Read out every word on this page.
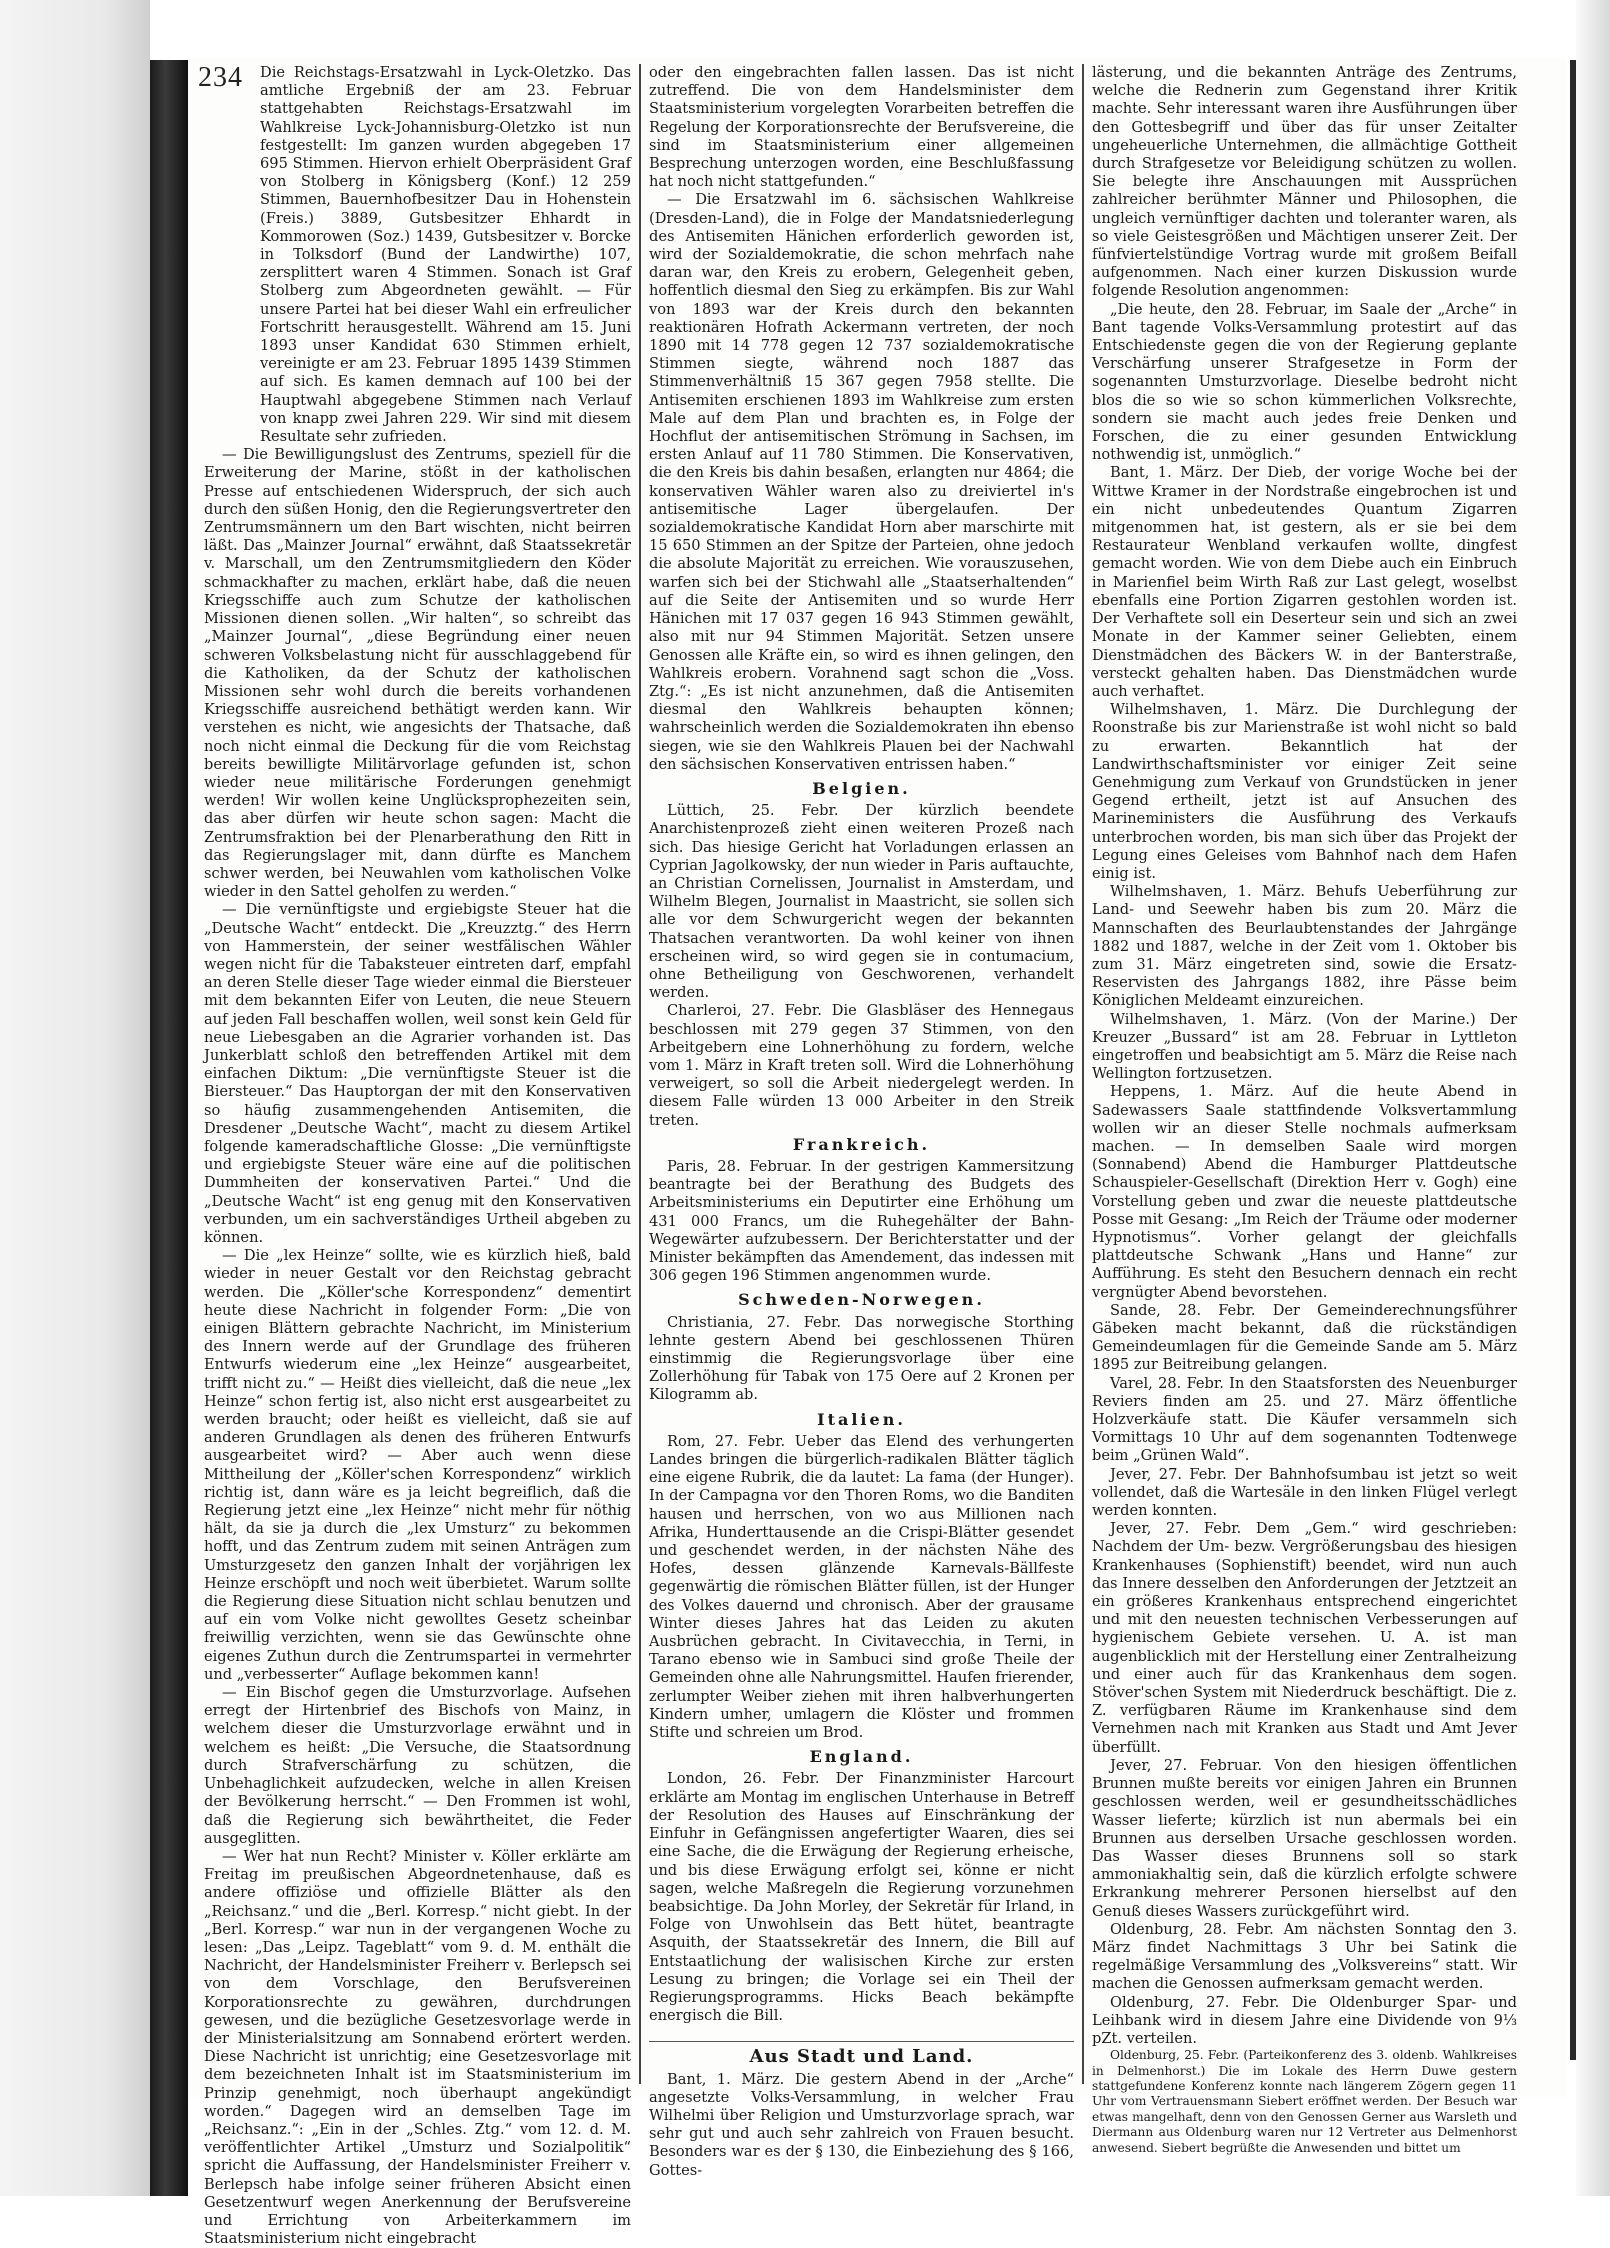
Die Reichstags-Ersatzwahl in Lyck-Oletzko. Das amtliche Ergebniß der am 23. Februar stattgehabten Reichstags-Ersatzwahl im Wahlkreise Lyck-Johannisburg-Oletzko ist nun festgestellt: Im ganzen wurden abgegeben 17 695 Stimmen. Hiervon erhielt Oberpräsident Graf von Stolberg in Königsberg (Konf.) 12 259 Stimmen, Bauernhofbesitzer Dau in Hohenstein (Freis.) 3889, Gutsbesitzer Ehhardt in Kommorowen (Soz.) 1439, Gutsbesitzer v. Borcke in Tolksdorf (Bund der Landwirthe) 107, zersplittert waren 4 Stimmen. Sonach ist Graf Stolberg zum Abgeordneten gewählt. — Für unsere Partei hat bei dieser Wahl ein erfreulicher Fortschritt herausgestellt. Während am 15. Juni 1893 unser Kandidat 630 Stimmen erhielt, vereinigte er am 23. Februar 1895 1439 Stimmen auf sich. Es kamen demnach auf 100 bei der Hauptwahl abgegebene Stimmen nach Verlauf von knapp zwei Jahren 229. Wir sind mit diesem Resultate sehr zufrieden.

— Die Bewilligungslust des Zentrums, speziell für die Erweiterung der Marine, stößt in der katholischen Presse auf entschiedenen Widerspruch, der sich auch durch den süßen Honig, den die Regierungsvertreter den Zentrumsmännern um den Bart wischten, nicht beirren läßt. Das „Mainzer Journal“ erwähnt, daß Staatssekretär v. Marschall, um den Zentrumsmitgliedern den Köder schmackhafter zu machen, erklärt habe, daß die neuen Kriegsschiffe auch zum Schutze der katholischen Missionen dienen sollen. „Wir halten“, so schreibt das „Mainzer Journal“, „diese Begründung einer neuen schweren Volksbelastung nicht für ausschlaggebend für die Katholiken, da der Schutz der katholischen Missionen sehr wohl durch die bereits vorhandenen Kriegsschiffe ausreichend bethätigt werden kann. Wir verstehen es nicht, wie angesichts der Thatsache, daß noch nicht einmal die Deckung für die vom Reichstag bereits bewilligte Militärvorlage gefunden ist, schon wieder neue militärische Forderungen genehmigt werden! Wir wollen keine Unglücksprophezeiten sein, das aber dürfen wir heute schon sagen: Macht die Zentrumsfraktion bei der Plenarberathung den Ritt in das Regierungslager mit, dann dürfte es Manchem schwer werden, bei Neuwahlen vom katholischen Volke wieder in den Sattel geholfen zu werden.“

— Die vernünftigste und ergiebigste Steuer hat die „Deutsche Wacht“ entdeckt. Die „Kreuzztg.“ des Herrn von Hammerstein, der seiner westfälischen Wähler wegen nicht für die Tabaksteuer eintreten darf, empfahl an deren Stelle dieser Tage wieder einmal die Biersteuer mit dem bekannten Eifer von Leuten, die neue Steuern auf jeden Fall beschaffen wollen, weil sonst kein Geld für neue Liebesgaben an die Agrarier vorhanden ist. Das Junkerblatt schloß den betreffenden Artikel mit dem einfachen Diktum: „Die vernünftigste Steuer ist die Biersteuer.“ Das Hauptorgan der mit den Konservativen so häufig zusammengehenden Antisemiten, die Dresdener „Deutsche Wacht“, macht zu diesem Artikel folgende kameradschaftliche Glosse: „Die vernünftigste und ergiebigste Steuer wäre eine auf die politischen Dummheiten der konservativen Partei.“ Und die „Deutsche Wacht“ ist eng genug mit den Konservativen verbunden, um ein sachverständiges Urtheil abgeben zu können.

— Die „lex Heinze“ sollte, wie es kürzlich hieß, bald wieder in neuer Gestalt vor den Reichstag gebracht werden. Die „Köller'sche Korrespondenz“ dementirt heute diese Nachricht in folgender Form: „Die von einigen Blättern gebrachte Nachricht, im Ministerium des Innern werde auf der Grundlage des früheren Entwurfs wiederum eine „lex Heinze“ ausgearbeitet, trifft nicht zu.“ — Heißt dies vielleicht, daß die neue „lex Heinze“ schon fertig ist, also nicht erst ausgearbeitet zu werden braucht; oder heißt es vielleicht, daß sie auf anderen Grundlagen als denen des früheren Entwurfs ausgearbeitet wird? — Aber auch wenn diese Mittheilung der „Köller'schen Korrespondenz“ wirklich richtig ist, dann wäre es ja leicht begreiflich, daß die Regierung jetzt eine „lex Heinze“ nicht mehr für nöthig hält, da sie ja durch die „lex Umsturz“ zu bekommen hofft, und das Zentrum zudem mit seinen Anträgen zum Umsturzgesetz den ganzen Inhalt der vorjährigen lex Heinze erschöpft und noch weit überbietet. Warum sollte die Regierung diese Situation nicht schlau benutzen und auf ein vom Volke nicht gewolltes Gesetz scheinbar freiwillig verzichten, wenn sie das Gewünschte ohne eigenes Zuthun durch die Zentrumspartei in vermehrter und „verbesserter“ Auflage bekommen kann!

— Ein Bischof gegen die Umsturzvorlage. Aufsehen erregt der Hirtenbrief des Bischofs von Mainz, in welchem dieser die Umsturzvorlage erwähnt und in welchem es heißt: „Die Versuche, die Staatsordnung durch Strafverschärfung zu schützen, die Unbehaglichkeit aufzudecken, welche in allen Kreisen der Bevölkerung herrscht.“ — Den Frommen ist wohl, daß die Regierung sich bewährtheitet, die Feder ausgeglitten.

— Wer hat nun Recht? Minister v. Köller erklärte am Freitag im preußischen Abgeordnetenhause, daß es andere offiziöse und offizielle Blätter als den „Reichsanz.“ und die „Berl. Korresp.“ nicht giebt. In der „Berl. Korresp.“ war nun in der vergangenen Woche zu lesen: „Das „Leipz. Tageblatt“ vom 9. d. M. enthält die Nachricht, der Handelsminister Freiherr v. Berlepsch sei von dem Vorschlage, den Berufsvereinen Korporationsrechte zu gewähren, durchdrungen gewesen, und die bezügliche Gesetzesvorlage werde in der Ministerialsitzung am Sonnabend erörtert werden. Diese Nachricht ist unrichtig; eine Gesetzesvorlage mit dem bezeichneten Inhalt ist im Staatsministerium im Prinzip genehmigt, noch überhaupt angekündigt worden.“ Dagegen wird an demselben Tage im „Reichsanz.“: „Ein in der „Schles. Ztg.“ vom 12. d. M. veröffentlichter Artikel „Umsturz und Sozialpolitik“ spricht die Auffassung, der Handelsminister Freiherr v. Berlepsch habe infolge seiner früheren Absicht einen Gesetzentwurf wegen Anerkennung der Berufsvereine und Errichtung von Arbeiterkammern im Staatsministerium nicht eingebracht

oder den eingebrachten fallen lassen. Das ist nicht zutreffend. Die von dem Handelsminister dem Staatsministerium vorgelegten Vorarbeiten betreffen die Regelung der Korporationsrechte der Berufsvereine, die sind im Staatsministerium einer allgemeinen Besprechung unterzogen worden, eine Beschlußfassung hat noch nicht stattgefunden.“

— Die Ersatzwahl im 6. sächsischen Wahlkreise (Dresden-Land), die in Folge der Mandatsniederlegung des Antisemiten Hänichen erforderlich geworden ist, wird der Sozialdemokratie, die schon mehrfach nahe daran war, den Kreis zu erobern, Gelegenheit geben, hoffentlich diesmal den Sieg zu erkämpfen. Bis zur Wahl von 1893 war der Kreis durch den bekannten reaktionären Hofrath Ackermann vertreten, der noch 1890 mit 14 778 gegen 12 737 sozialdemokratische Stimmen siegte, während noch 1887 das Stimmenverhältniß 15 367 gegen 7958 stellte. Die Antisemiten erschienen 1893 im Wahlkreise zum ersten Male auf dem Plan und brachten es, in Folge der Hochflut der antisemitischen Strömung in Sachsen, im ersten Anlauf auf 11 780 Stimmen. Die Konservativen, die den Kreis bis dahin besaßen, erlangten nur 4864; die konservativen Wähler waren also zu dreiviertel in's antisemitische Lager übergelaufen. Der sozialdemokratische Kandidat Horn aber marschirte mit 15 650 Stimmen an der Spitze der Parteien, ohne jedoch die absolute Majorität zu erreichen. Wie vorauszusehen, warfen sich bei der Stichwahl alle „Staatserhaltenden“ auf die Seite der Antisemiten und so wurde Herr Hänichen mit 17 037 gegen 16 943 Stimmen gewählt, also mit nur 94 Stimmen Majorität. Setzen unsere Genossen alle Kräfte ein, so wird es ihnen gelingen, den Wahlkreis erobern. Vorahnend sagt schon die „Voss. Ztg.“: „Es ist nicht anzunehmen, daß die Antisemiten diesmal den Wahlkreis behaupten können; wahrscheinlich werden die Sozialdemokraten ihn ebenso siegen, wie sie den Wahlkreis Plauen bei der Nachwahl den sächsischen Konservativen entrissen haben.“

Belgien.

Lüttich, 25. Febr. Der kürzlich beendete Anarchistenprozeß zieht einen weiteren Prozeß nach sich. Das hiesige Gericht hat Vorladungen erlassen an Cyprian Jagolkowsky, der nun wieder in Paris auftauchte, an Christian Cornelissen, Journalist in Amsterdam, und Wilhelm Blegen, Journalist in Maastricht, sie sollen sich alle vor dem Schwurgericht wegen der bekannten Thatsachen verantworten. Da wohl keiner von ihnen erscheinen wird, so wird gegen sie in contumacium, ohne Betheiligung von Geschworenen, verhandelt werden.

Charleroi, 27. Febr. Die Glasbläser des Hennegaus beschlossen mit 279 gegen 37 Stimmen, von den Arbeitgebern eine Lohnerhöhung zu fordern, welche vom 1. März in Kraft treten soll. Wird die Lohnerhöhung verweigert, so soll die Arbeit niedergelegt werden. In diesem Falle würden 13 000 Arbeiter in den Streik treten.

Frankreich.

Paris, 28. Februar. In der gestrigen Kammersitzung beantragte bei der Berathung des Budgets des Arbeitsministeriums ein Deputirter eine Erhöhung um 431 000 Francs, um die Ruhegehälter der Bahn-Wegewärter aufzubessern. Der Berichterstatter und der Minister bekämpften das Amendement, das indessen mit 306 gegen 196 Stimmen angenommen wurde.

Schweden-Norwegen.

Christiania, 27. Febr. Das norwegische Storthing lehnte gestern Abend bei geschlossenen Thüren einstimmig die Regierungsvorlage über eine Zollerhöhung für Tabak von 175 Oere auf 2 Kronen per Kilogramm ab.

Italien.

Rom, 27. Febr. Ueber das Elend des verhungerten Landes bringen die bürgerlich-radikalen Blätter täglich eine eigene Rubrik, die da lautet: La fama (der Hunger). In der Campagna vor den Thoren Roms, wo die Banditen hausen und herrschen, von wo aus Millionen nach Afrika, Hunderttausende an die Crispi-Blätter gesendet und geschendet werden, in der nächsten Nähe des Hofes, dessen glänzende Karnevals-Bällfeste gegenwärtig die römischen Blätter füllen, ist der Hunger des Volkes dauernd und chronisch. Aber der grausame Winter dieses Jahres hat das Leiden zu akuten Ausbrüchen gebracht. In Civitavecchia, in Terni, in Tarano ebenso wie in Sambuci sind große Theile der Gemeinden ohne alle Nahrungsmittel. Haufen frierender, zerlumpter Weiber ziehen mit ihren halbverhungerten Kindern umher, umlagern die Klöster und frommen Stifte und schreien um Brod.

England.

London, 26. Febr. Der Finanzminister Harcourt erklärte am Montag im englischen Unterhause in Betreff der Resolution des Hauses auf Einschränkung der Einfuhr in Gefängnissen angefertigter Waaren, dies sei eine Sache, die die Erwägung der Regierung erheische, und bis diese Erwägung erfolgt sei, könne er nicht sagen, welche Maßregeln die Regierung vorzunehmen beabsichtige. Da John Morley, der Sekretär für Irland, in Folge von Unwohlsein das Bett hütet, beantragte Asquith, der Staatssekretär des Innern, die Bill auf Entstaatlichung der walisischen Kirche zur ersten Lesung zu bringen; die Vorlage sei ein Theil der Regierungsprogramms. Hicks Beach bekämpfte energisch die Bill.

Aus Stadt und Land.

Bant, 1. März. Die gestern Abend in der „Arche“ angesetzte Volks-Versammlung, in welcher Frau Wilhelmi über Religion und Umsturzvorlage sprach, war sehr gut und auch sehr zahlreich von Frauen besucht. Besonders war es der § 130, die Einbeziehung des § 166, Gottes-

lästerung, und die bekannten Anträge des Zentrums, welche die Rednerin zum Gegenstand ihrer Kritik machte. Sehr interessant waren ihre Ausführungen über den Gottesbegriff und über das für unser Zeitalter ungeheuerliche Unternehmen, die allmächtige Gottheit durch Strafgesetze vor Beleidigung schützen zu wollen. Sie belegte ihre Anschauungen mit Aussprüchen zahlreicher berühmter Männer und Philosophen, die ungleich vernünftiger dachten und toleranter waren, als so viele Geistesgrößen und Mächtigen unserer Zeit. Der fünfviertelstündige Vortrag wurde mit großem Beifall aufgenommen. Nach einer kurzen Diskussion wurde folgende Resolution angenommen:

„Die heute, den 28. Februar, im Saale der „Arche“ in Bant tagende Volks-Versammlung protestirt auf das Entschiedenste gegen die von der Regierung geplante Verschärfung unserer Strafgesetze in Form der sogenannten Umsturzvorlage. Dieselbe bedroht nicht blos die so wie so schon kümmerlichen Volksrechte, sondern sie macht auch jedes freie Denken und Forschen, die zu einer gesunden Entwicklung nothwendig ist, unmöglich.“

Bant, 1. März. Der Dieb, der vorige Woche bei der Wittwe Kramer in der Nordstraße eingebrochen ist und ein nicht unbedeutendes Quantum Zigarren mitgenommen hat, ist gestern, als er sie bei dem Restaurateur Wenbland verkaufen wollte, dingfest gemacht worden. Wie von dem Diebe auch ein Einbruch in Marienfiel beim Wirth Raß zur Last gelegt, woselbst ebenfalls eine Portion Zigarren gestohlen worden ist. Der Verhaftete soll ein Deserteur sein und sich an zwei Monate in der Kammer seiner Geliebten, einem Dienstmädchen des Bäckers W. in der Banterstraße, versteckt gehalten haben. Das Dienstmädchen wurde auch verhaftet.

Wilhelmshaven, 1. März. Die Durchlegung der Roonstraße bis zur Marienstraße ist wohl nicht so bald zu erwarten. Bekanntlich hat der Landwirthschaftsminister vor einiger Zeit seine Genehmigung zum Verkauf von Grundstücken in jener Gegend ertheilt, jetzt ist auf Ansuchen des Marineministers die Ausführung des Verkaufs unterbrochen worden, bis man sich über das Projekt der Legung eines Geleises vom Bahnhof nach dem Hafen einig ist.

Wilhelmshaven, 1. März. Behufs Ueberführung zur Land- und Seewehr haben bis zum 20. März die Mannschaften des Beurlaubtenstandes der Jahrgänge 1882 und 1887, welche in der Zeit vom 1. Oktober bis zum 31. März eingetreten sind, sowie die Ersatz-Reservisten des Jahrgangs 1882, ihre Pässe beim Königlichen Meldeamt einzureichen.

Wilhelmshaven, 1. März. (Von der Marine.) Der Kreuzer „Bussard“ ist am 28. Februar in Lyttleton eingetroffen und beabsichtigt am 5. März die Reise nach Wellington fortzusetzen.

Heppens, 1. März. Auf die heute Abend in Sadewassers Saale stattfindende Volksvertammlung wollen wir an dieser Stelle nochmals aufmerksam machen. — In demselben Saale wird morgen (Sonnabend) Abend die Hamburger Plattdeutsche Schauspieler-Gesellschaft (Direktion Herr v. Gogh) eine Vorstellung geben und zwar die neueste plattdeutsche Posse mit Gesang: „Im Reich der Träume oder moderner Hypnotismus“. Vorher gelangt der gleichfalls plattdeutsche Schwank „Hans und Hanne“ zur Aufführung. Es steht den Besuchern dennach ein recht vergnügter Abend bevorstehen.

Sande, 28. Febr. Der Gemeinderechnungsführer Gäbeken macht bekannt, daß die rückständigen Gemeindeumlagen für die Gemeinde Sande am 5. März 1895 zur Beitreibung gelangen.

Varel, 28. Febr. In den Staatsforsten des Neuenburger Reviers finden am 25. und 27. März öffentliche Holzverkäufe statt. Die Käufer versammeln sich Vormittags 10 Uhr auf dem sogenannten Todtenwege beim „Grünen Wald“.

Jever, 27. Febr. Der Bahnhofsumbau ist jetzt so weit vollendet, daß die Wartesäle in den linken Flügel verlegt werden konnten.

Jever, 27. Febr. Dem „Gem.“ wird geschrieben: Nachdem der Um- bezw. Vergrößerungsbau des hiesigen Krankenhauses (Sophienstift) beendet, wird nun auch das Innere desselben den Anforderungen der Jetztzeit an ein größeres Krankenhaus entsprechend eingerichtet und mit den neuesten technischen Verbesserungen auf hygienischem Gebiete versehen. U. A. ist man augenblicklich mit der Herstellung einer Zentralheizung und einer auch für das Krankenhaus dem sogen. Stöver'schen System mit Niederdruck beschäftigt. Die z. Z. verfügbaren Räume im Krankenhause sind dem Vernehmen nach mit Kranken aus Stadt und Amt Jever überfüllt.

Jever, 27. Februar. Von den hiesigen öffentlichen Brunnen mußte bereits vor einigen Jahren ein Brunnen geschlossen werden, weil er gesundheitsschädliches Wasser lieferte; kürzlich ist nun abermals bei ein Brunnen aus derselben Ursache geschlossen worden. Das Wasser dieses Brunnens soll so stark ammoniakhaltig sein, daß die kürzlich erfolgte schwere Erkrankung mehrerer Personen hierselbst auf den Genuß dieses Wassers zurückgeführt wird.

Oldenburg, 28. Febr. Am nächsten Sonntag den 3. März findet Nachmittags 3 Uhr bei Satink die regelmäßige Versammlung des „Volksvereins“ statt. Wir machen die Genossen aufmerksam gemacht werden.

Oldenburg, 27. Febr. Die Oldenburger Spar- und Leihbank wird in diesem Jahre eine Dividende von 9⅓ pZt. verteilen.

Oldenburg, 25. Febr. (Parteikonferenz des 3. oldenb. Wahlkreises in Delmenhorst.) Die im Lokale des Herrn Duwe gestern stattgefundene Konferenz konnte nach längerem Zögern gegen 11 Uhr vom Vertrauensmann Siebert eröffnet werden. Der Besuch war etwas mangelhaft, denn von den Genossen Gerner aus Warsleth und Diermann aus Oldenburg waren nur 12 Vertreter aus Delmenhorst anwesend. Siebert begrüßte die Anwesenden und bittet um

234
